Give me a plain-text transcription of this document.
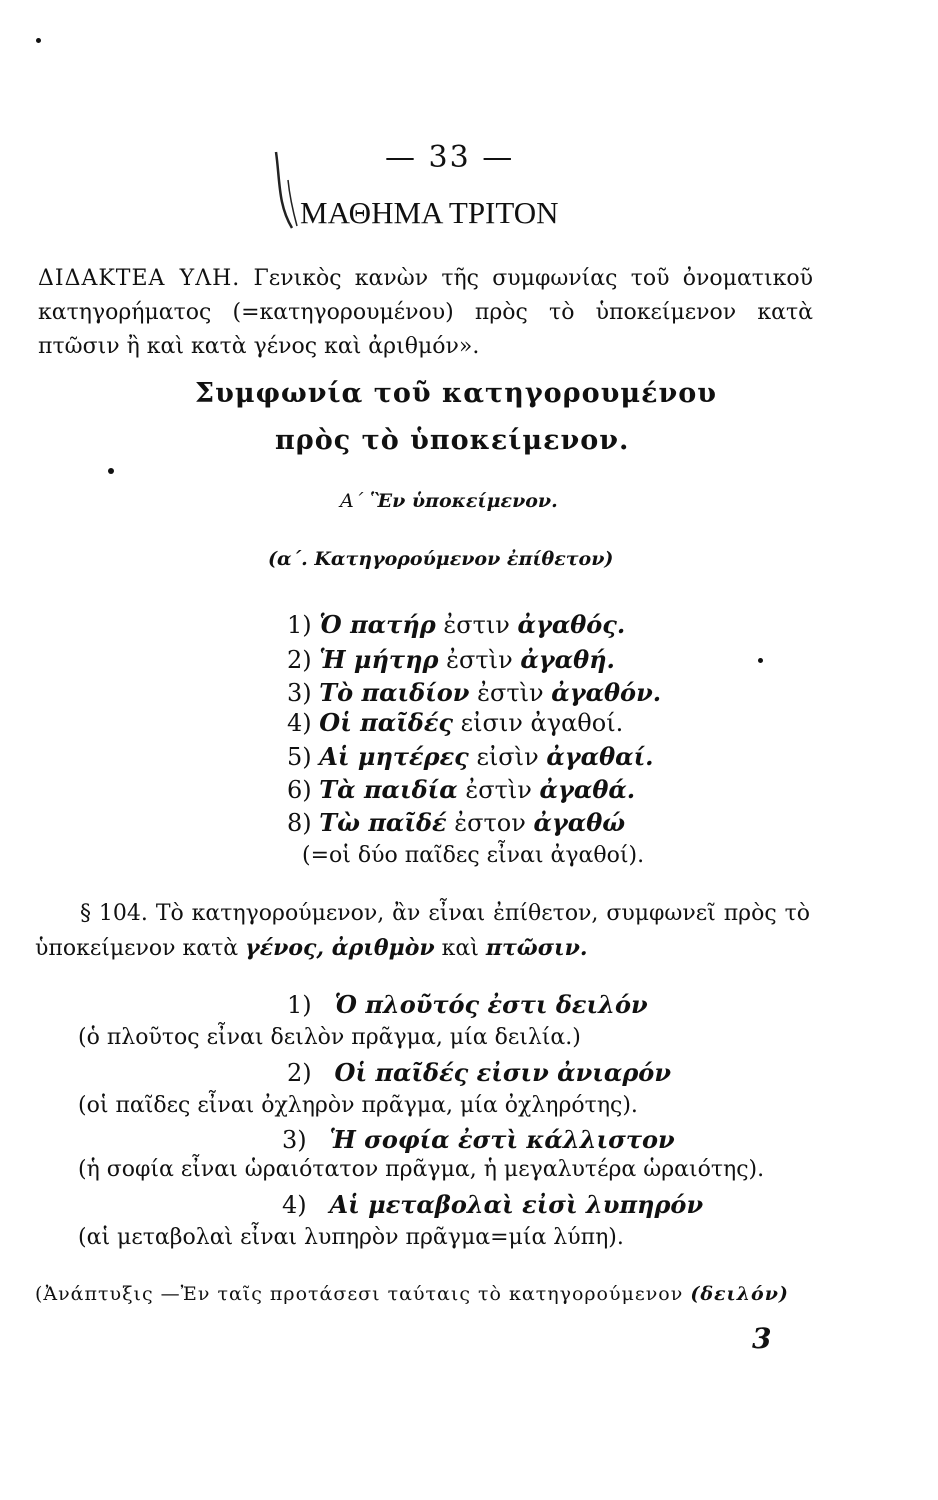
— 33 —
ΜΑΘΗΜΑ ΤΡΙΤΟΝ
ΔΙΔΑΚΤΕΑ ΥΛΗ. Γενικὸς κανὼν τῆς συμφωνίας τοῦ ὀνοματικοῦ κατηγορήματος (=κατηγορουμένου) πρὸς τὸ ὑποκείμενον κατὰ πτῶσιν ἢ καὶ κατὰ γένος καὶ ἀριθμόν».
Συμφωνία τοῦ κατηγορουμένου
πρὸς τὸ ὑποκείμενον.
Α΄ Ἓν ὑποκείμενον.
(α΄. Κατηγορούμενον ἐπίθετον)
1) Ὁ πατήρ ἐστιν ἀγαθός.
2) Ἡ μήτηρ ἐστὶν ἀγαθή.
3) Τὸ παιδίον ἐστὶν ἀγαθόν.
4) Οἱ παῖδές εἰσιν ἀγαθοί.
5) Αἱ μητέρες εἰσὶν ἀγαθαί.
6) Τὰ παιδία ἐστὶν ἀγαθά.
8) Τὼ παῖδέ ἐστον ἀγαθώ
(=οἱ δύο παῖδες εἶναι ἀγαθοί).
§ 104. Τὸ κατηγορούμενον, ἂν εἶναι ἐπίθετον, συμφωνεῖ πρὸς τὸ ὑποκείμενον κατὰ γένος, ἀριθμὸν καὶ πτῶσιν.
1) Ὁ πλοῦτός ἐστι δειλόν
(ὁ πλοῦτος εἶναι δειλὸν πρᾶγμα, μία δειλία.)
2) Οἱ παῖδές εἰσιν ἀνιαρόν
(οἱ παῖδες εἶναι ὀχληρὸν πρᾶγμα, μία ὀχληρότης).
3) Ἡ σοφία ἐστὶ κάλλιστον
(ἡ σοφία εἶναι ὡραιότατον πρᾶγμα, ἡ μεγαλυτέρα ὡραιότης).
4) Αἱ μεταβολαὶ εἰσὶ λυπηρόν
(αἱ μεταβολαὶ εἶναι λυπηρὸν πρᾶγμα=μία λύπη).
(Ἀνάπτυξις —Ἐν ταῖς προτάσεσι ταύταις τὸ κατηγορούμενον (δειλόν)
3
